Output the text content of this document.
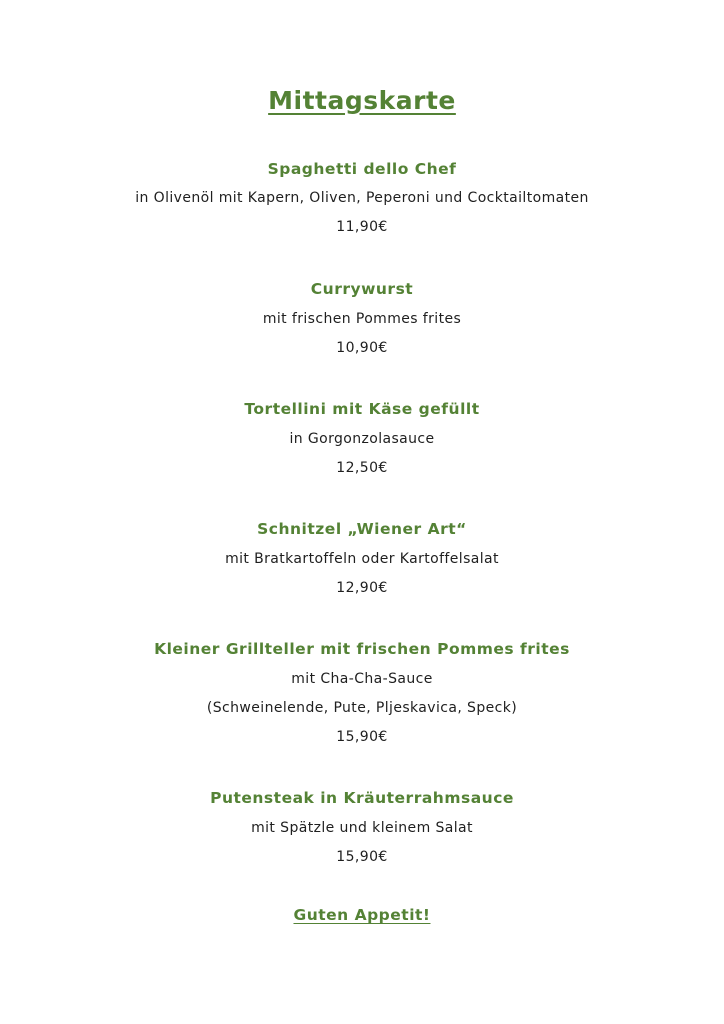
Mittagskarte

Spaghetti dello Chef

in Olivenöl mit Kapern, Oliven, Peperoni und Cocktailtomaten

11,90€

Currywurst

mit frischen Pommes frites

10,90€

Tortellini mit Käse gefüllt

in Gorgonzolasauce

12,50€

Schnitzel „Wiener Art“

mit Bratkartoffeln oder Kartoffelsalat

12,90€

Kleiner Grillteller mit frischen Pommes frites

mit Cha-Cha-Sauce

(Schweinelende, Pute, Pljeskavica, Speck)

15,90€

Putensteak in Kräuterrahmsauce

mit Spätzle und kleinem Salat

15,90€

Guten Appetit!
